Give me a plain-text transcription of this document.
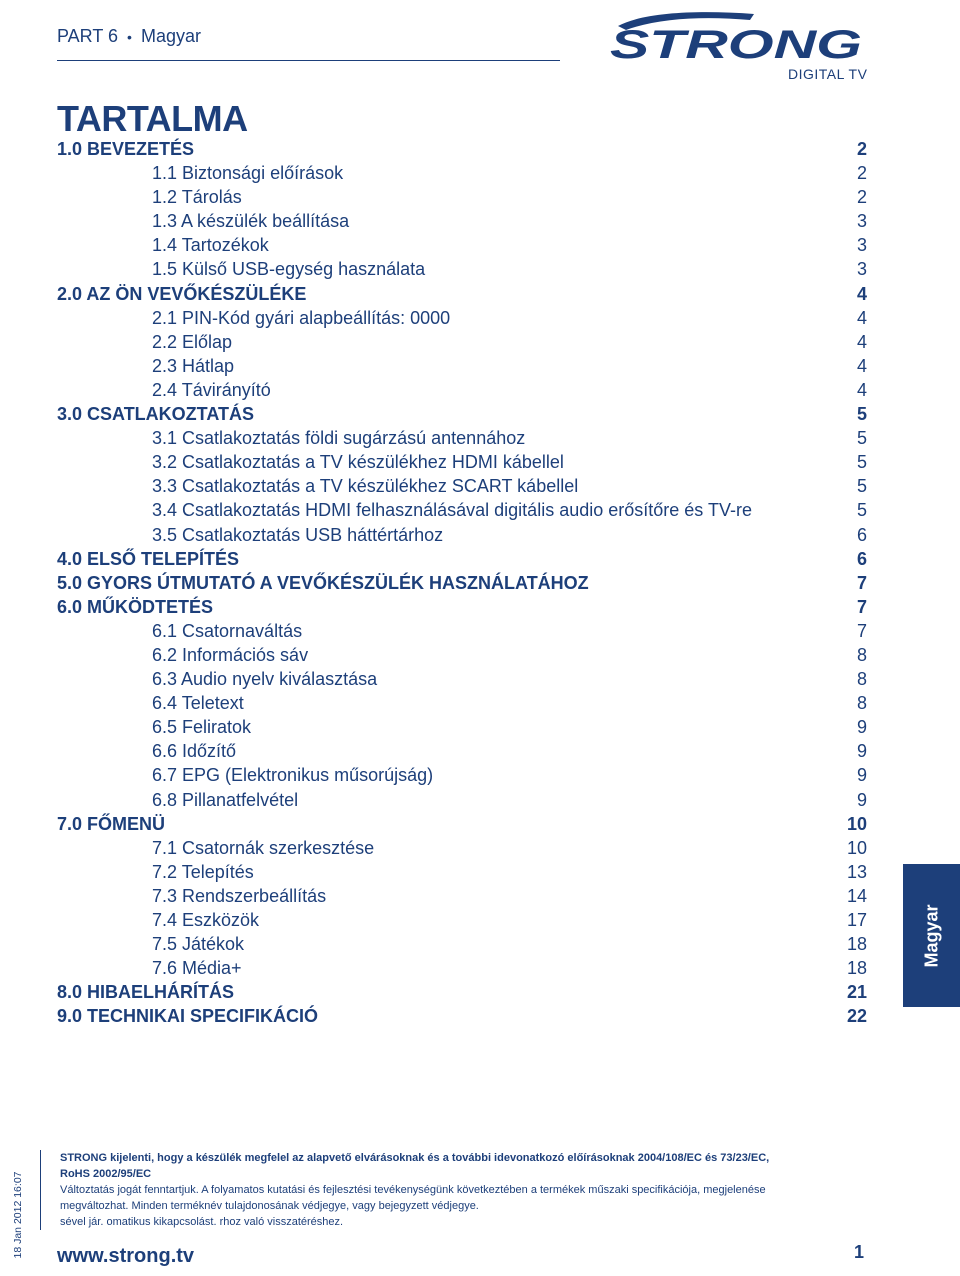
PART 6 • Magyar	STRONG
DIGITAL TV
TARTALMA
1.0 BEVEZETÉS	2
1.1 Biztonsági előírások	2
1.2 Tárolás	2
1.3 A készülék beállítása	3
1.4 Tartozékok	3
1.5 Külső USB-egység használata	3
2.0 AZ ÖN VEVŐKÉSZÜLÉKE	4
2.1 PIN-Kód gyári alapbeállítás: 0000	4
2.2 Előlap	4
2.3 Hátlap	4
2.4 Távirányító	4
3.0 CSATLAKOZTATÁS	5
3.1 Csatlakoztatás földi sugárzású antennához	5
3.2 Csatlakoztatás a TV készülékhez HDMI kábellel	5
3.3 Csatlakoztatás a TV készülékhez SCART kábellel	5
3.4 Csatlakoztatás HDMI felhasználásával digitális audio erősítőre és TV-re	5
3.5 Csatlakoztatás USB háttértárhoz	6
4.0 ELSŐ TELEPÍTÉS	6
5.0 GYORS ÚTMUTATÓ A VEVŐKÉSZÜLÉK HASZNÁLATÁHOZ	7
6.0 MŰKÖDTETÉS	7
6.1 Csatornaváltás	7
6.2 Információs sáv	8
6.3 Audio nyelv kiválasztása	8
6.4 Teletext	8
6.5 Feliratok	9
6.6 Időzítő	9
6.7 EPG (Elektronikus műsorújság)	9
6.8 Pillanatfelvétel	9
7.0 FŐMENÜ	10
7.1 Csatornák szerkesztése	10
7.2 Telepítés	13
7.3 Rendszerbeállítás	14
7.4 Eszközök	17
7.5 Játékok	18
7.6 Média+	18
8.0 HIBAELHÁRÍTÁS	21
9.0 TECHNIKAI SPECIFIKÁCIÓ	22
Magyar
18 Jan 2012 16:07

STRONG kijelenti, hogy a készülék megfelel az alapvető elvárásoknak és a további idevonatkozó előírásoknak 2004/108/EC és 73/23/EC,

RoHS 2002/95/EC

Változtatás jogát fenntartjuk. A folyamatos kutatási és fejlesztési tevékenységünk következtében a termékek műszaki specifikációja, megjelenése

megváltozhat. Minden terméknév tulajdonosának védjegye, vagy bejegyzett védjegye.

sével jár. omatikus kikapcsolást. rhoz való visszatéréshez.

www.strong.tv	1
